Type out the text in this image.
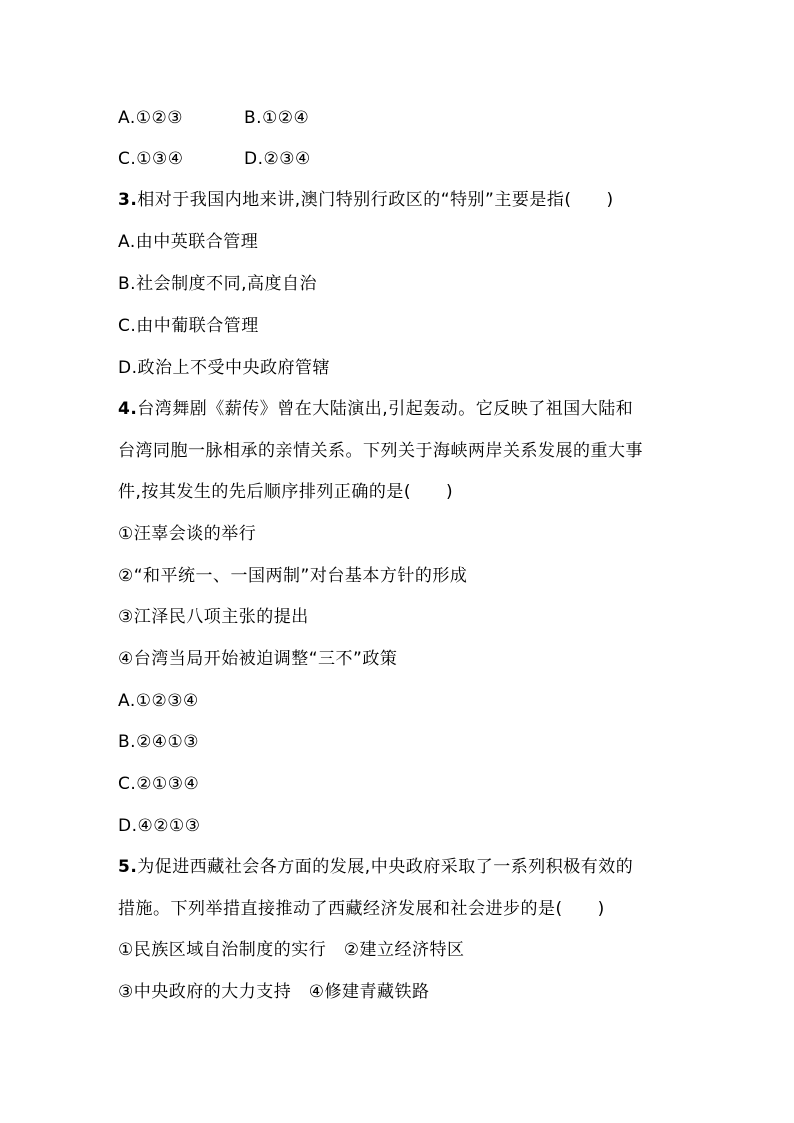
A.①②③	B.①②④
C.①③④	D.②③④
3.相对于我国内地来讲,澳门特别行政区的“特别”主要是指(　　)
A.由中英联合管理
B.社会制度不同,高度自治
C.由中葡联合管理
D.政治上不受中央政府管辖
4.台湾舞剧《薪传》曾在大陆演出,引起轰动。它反映了祖国大陆和
台湾同胞一脉相承的亲情关系。下列关于海峡两岸关系发展的重大事
件,按其发生的先后顺序排列正确的是(　　)
①汪辜会谈的举行
②“和平统一、一国两制”对台基本方针的形成
③江泽民八项主张的提出
④台湾当局开始被迫调整“三不”政策
A.①②③④
B.②④①③
C.②①③④
D.④②①③
5.为促进西藏社会各方面的发展,中央政府采取了一系列积极有效的
措施。下列举措直接推动了西藏经济发展和社会进步的是(　　)
①民族区域自治制度的实行　②建立经济特区
③中央政府的大力支持　④修建青藏铁路
